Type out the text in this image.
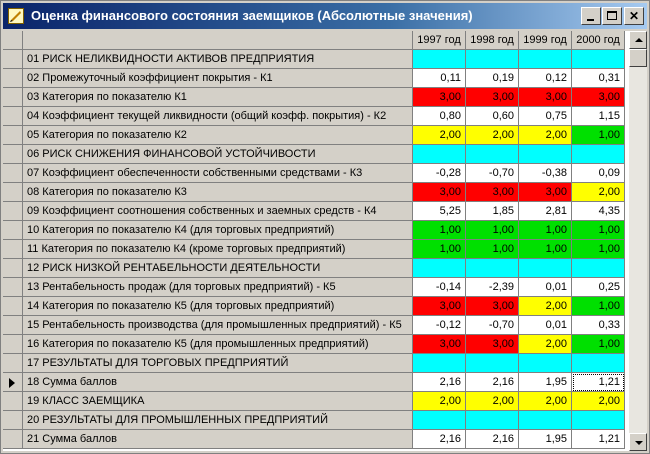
Оценка финансового состояния заемщиков (Абсолютные значения)	✕
1997 год 1998 год 1999 год 2000 год
01 РИСК НЕЛИКВИДНОСТИ АКТИВОВ ПРЕДПРИЯТИЯ
02 Промежуточный коэффициент покрытия - К1	0,11	0,19	0,12	0,31
03 Категория по показателю К1	3,00	3,00	3,00	3,00
04 Коэффициент текущей ликвидности (общий коэфф. покрытия) - К2	0,80	0,60	0,75	1,15
05 Категория по показателю К2	2,00	2,00	2,00	1,00
06 РИСК СНИЖЕНИЯ ФИНАНСОВОЙ УСТОЙЧИВОСТИ
07 Коэффициент обеспеченности собственными средствами - К3	-0,28	-0,70	-0,38	0,09
08 Категория по показателю К3	3,00	3,00	3,00	2,00
09 Коэффициент соотношения собственных и заемных средств - К4	5,25	1,85	2,81	4,35
10 Категория по показателю К4 (для торговых предприятий)	1,00	1,00	1,00	1,00
11 Категория по показателю К4 (кроме торговых предприятий)	1,00	1,00	1,00	1,00
12 РИСК НИЗКОЙ РЕНТАБЕЛЬНОСТИ ДЕЯТЕЛЬНОСТИ
13 Рентабельность продаж (для торговых предприятий) - К5	-0,14	-2,39	0,01	0,25
14 Категория по показателю К5 (для торговых предприятий)	3,00	3,00	2,00	1,00
15 Рентабельность производства (для промышленных предприятий) - К5	-0,12	-0,70	0,01	0,33
16 Категория по показателю К5 (для промышленных предприятий)	3,00	3,00	2,00	1,00
17 РЕЗУЛЬТАТЫ ДЛЯ ТОРГОВЫХ ПРЕДПРИЯТИЙ
18 Сумма баллов	2,16	2,16	1,95	1,21
19 КЛАСС ЗАЕМЩИКА	2,00	2,00	2,00	2,00
20 РЕЗУЛЬТАТЫ ДЛЯ ПРОМЫШЛЕННЫХ ПРЕДПРИЯТИЙ
21 Сумма баллов	2,16	2,16	1,95	1,21
